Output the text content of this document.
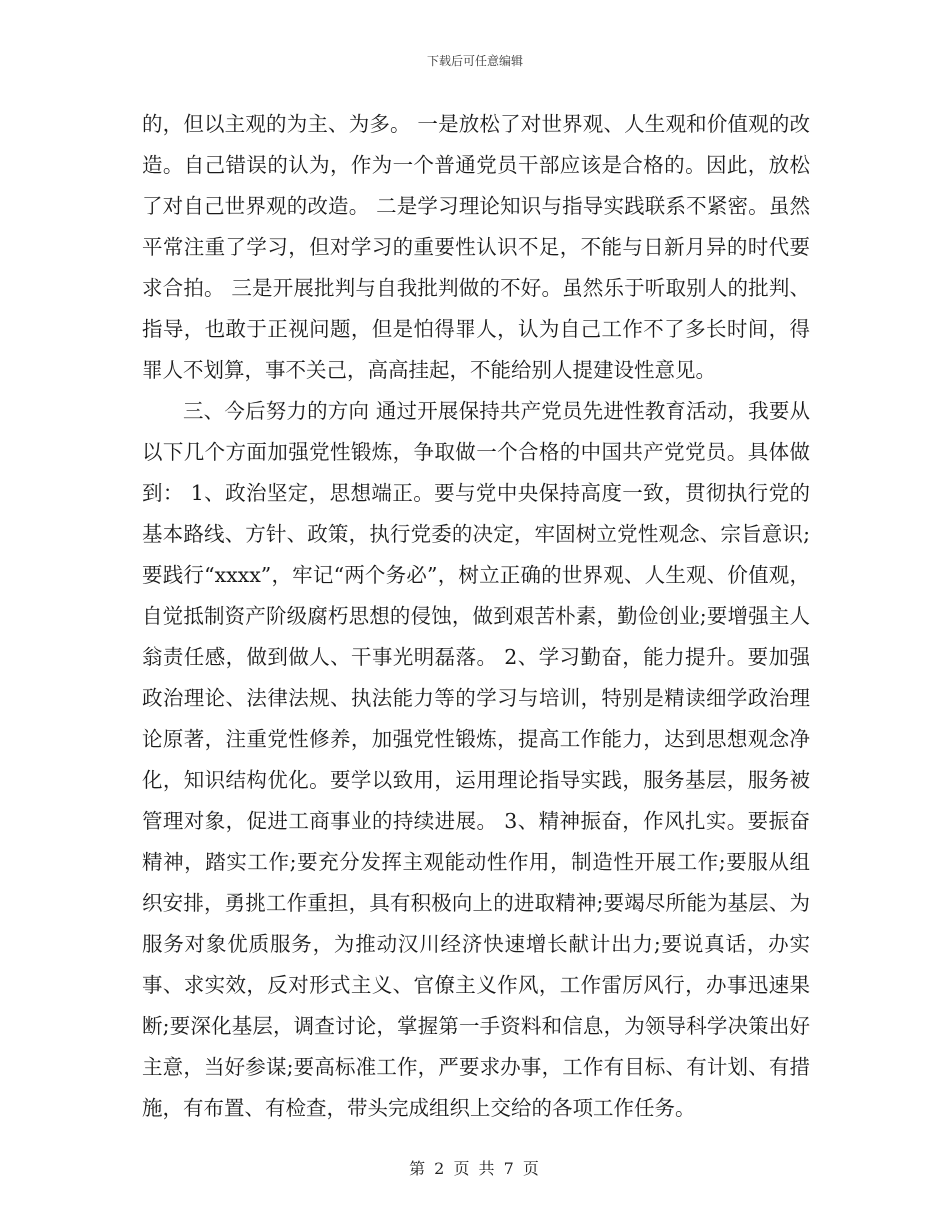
下载后可任意编辑

的，但以主观的为主、为多。 一是放松了对世界观、人生观和价值观的改造。自己错误的认为，作为一个普通党员干部应该是合格的。因此，放松了对自己世界观的改造。 二是学习理论知识与指导实践联系不紧密。虽然平常注重了学习，但对学习的重要性认识不足，不能与日新月异的时代要求合拍。 三是开展批判与自我批判做的不好。虽然乐于听取别人的批判、指导，也敢于正视问题，但是怕得罪人，认为自己工作不了多长时间，得罪人不划算，事不关己，高高挂起，不能给别人提建设性意见。

三、今后努力的方向 通过开展保持共产党员先进性教育活动，我要从以下几个方面加强党性锻炼，争取做一个合格的中国共产党党员。具体做到： 1、政治坚定，思想端正。要与党中央保持高度一致，贯彻执行党的基本路线、方针、政策，执行党委的决定，牢固树立党性观念、宗旨意识;要践行“xxxx”，牢记“两个务必”，树立正确的世界观、人生观、价值观，自觉抵制资产阶级腐朽思想的侵蚀，做到艰苦朴素，勤俭创业;要增强主人翁责任感，做到做人、干事光明磊落。 2、学习勤奋，能力提升。要加强政治理论、法律法规、执法能力等的学习与培训，特别是精读细学政治理论原著，注重党性修养，加强党性锻炼，提高工作能力，达到思想观念净化，知识结构优化。要学以致用，运用理论指导实践，服务基层，服务被管理对象，促进工商事业的持续进展。 3、精神振奋，作风扎实。要振奋精神，踏实工作;要充分发挥主观能动性作用，制造性开展工作;要服从组织安排，勇挑工作重担，具有积极向上的进取精神;要竭尽所能为基层、为服务对象优质服务，为推动汉川经济快速增长献计出力;要说真话，办实事、求实效，反对形式主义、官僚主义作风，工作雷厉风行，办事迅速果断;要深化基层，调查讨论，掌握第一手资料和信息，为领导科学决策出好主意，当好参谋;要高标准工作，严要求办事，工作有目标、有计划、有措施，有布置、有检查，带头完成组织上交给的各项工作任务。

第 2 页 共 7 页
